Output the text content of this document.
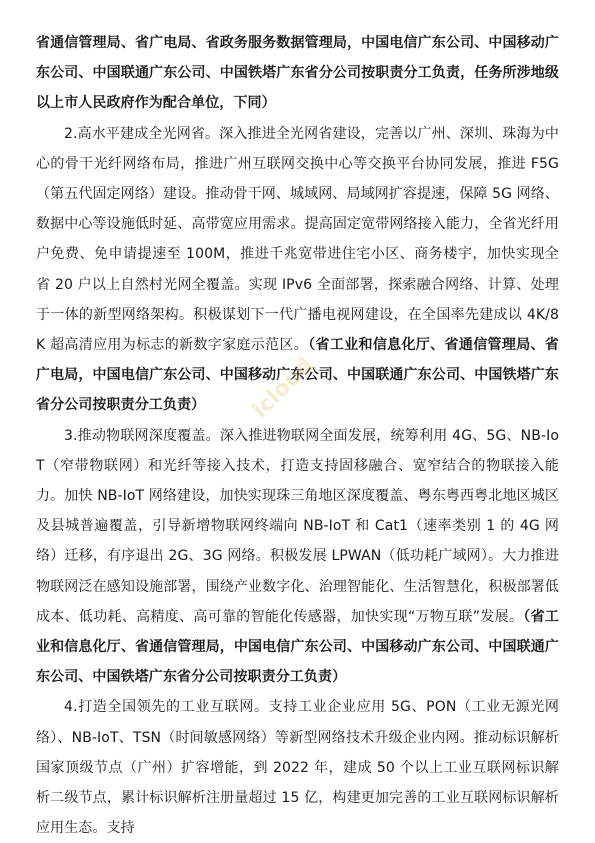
省通信管理局、省广电局、省政务服务数据管理局，中国电信广东公司、中国移动广东公司、中国联通广东公司、中国铁塔广东省分公司按职责分工负责，任务所涉地级以上市人民政府作为配合单位，下同）

2.高水平建成全光网省。深入推进全光网省建设，完善以广州、深圳、珠海为中心的骨干光纤网络布局，推进广州互联网交换中心等交换平台协同发展，推进 F5G（第五代固定网络）建设。推动骨干网、城域网、局域网扩容提速，保障 5G 网络、数据中心等设施低时延、高带宽应用需求。提高固定宽带网络接入能力，全省光纤用户免费、免申请提速至 100M，推进千兆宽带进住宅小区、商务楼宇，加快实现全省 20 户以上自然村光网全覆盖。实现 IPv6 全面部署，探索融合网络、计算、处理于一体的新型网络架构。积极谋划下一代广播电视网建设，在全国率先建成以 4K/8K 超高清应用为标志的新数字家庭示范区。（省工业和信息化厅、省通信管理局、省广电局，中国电信广东公司、中国移动广东公司、中国联通广东公司、中国铁塔广东省分公司按职责分工负责）

3.推动物联网深度覆盖。深入推进物联网全面发展，统筹利用 4G、5G、NB-IoT（窄带物联网）和光纤等接入技术，打造支持固移融合、宽窄结合的物联接入能力。加快 NB-IoT 网络建设，加快实现珠三角地区深度覆盖、粤东粤西粤北地区城区及县城普遍覆盖，引导新增物联网终端向 NB-IoT 和 Cat1（速率类别 1 的 4G 网络）迁移，有序退出 2G、3G 网络。积极发展 LPWAN（低功耗广域网）。大力推进物联网泛在感知设施部署，围绕产业数字化、治理智能化、生活智慧化，积极部署低成本、低功耗、高精度、高可靠的智能化传感器，加快实现“万物互联”发展。（省工业和信息化厅、省通信管理局，中国电信广东公司、中国移动广东公司、中国联通广东公司、中国铁塔广东省分公司按职责分工负责）

4.打造全国领先的工业互联网。支持工业企业应用 5G、PON（工业无源光网络）、NB-IoT、TSN（时间敏感网络）等新型网络技术升级企业内网。推动标识解析国家顶级节点（广州）扩容增能，到 2022 年，建成 50 个以上工业互联网标识解析二级节点，累计标识解析注册量超过 15 亿，构建更加完善的工业互联网标识解析应用生态。支持

icloud
